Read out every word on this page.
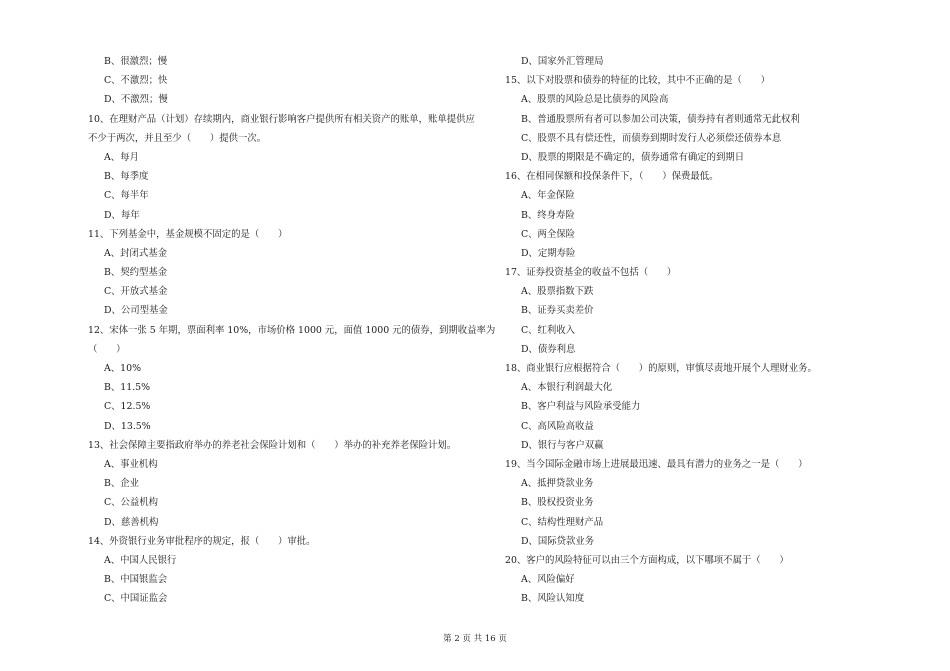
B、很激烈；慢
C、不激烈；快
D、不激烈；慢
10、在理财产品（计划）存续期内，商业银行影响客户提供所有相关资产的账单，账单提供应
不少于两次，并且至少（　　）提供一次。
A、每月
B、每季度
C、每半年
D、每年
11、下列基金中，基金规模不固定的是（　　）
A、封闭式基金
B、契约型基金
C、开放式基金
D、公司型基金
12、宋体一张 5 年期，票面利率 10%，市场价格 1000 元，面值 1000 元的债券，到期收益率为
（　　）
A、10%
B、11.5%
C、12.5%
D、13.5%
13、社会保障主要指政府举办的养老社会保险计划和（　　）举办的补充养老保险计划。
A、事业机构
B、企业
C、公益机构
D、慈善机构
14、外资银行业务审批程序的规定，报（　　）审批。
A、中国人民银行
B、中国银监会
C、中国证监会
D、国家外汇管理局
15、以下对股票和债券的特征的比较，其中不正确的是（　　）
A、股票的风险总是比债券的风险高
B、普通股票所有者可以参加公司决策，债券持有者则通常无此权利
C、股票不具有偿还性，而债券到期时发行人必须偿还债券本息
D、股票的期限是不确定的，债券通常有确定的到期日
16、在相同保额和投保条件下，（　　）保费最低。
A、年金保险
B、终身寿险
C、两全保险
D、定期寿险
17、证券投资基金的收益不包括（　　）
A、股票指数下跌
B、证券买卖差价
C、红利收入
D、债券利息
18、商业银行应根据符合（　　）的原则，审慎尽责地开展个人理财业务。
A、本银行利润最大化
B、客户利益与风险承受能力
C、高风险高收益
D、银行与客户双赢
19、当今国际金融市场上进展最迅速、最具有潜力的业务之一是（　　）
A、抵押贷款业务
B、股权投资业务
C、结构性理财产品
D、国际贷款业务
20、客户的风险特征可以由三个方面构成，以下哪项不属于（　　）
A、风险偏好
B、风险认知度
第 2 页 共 16 页
